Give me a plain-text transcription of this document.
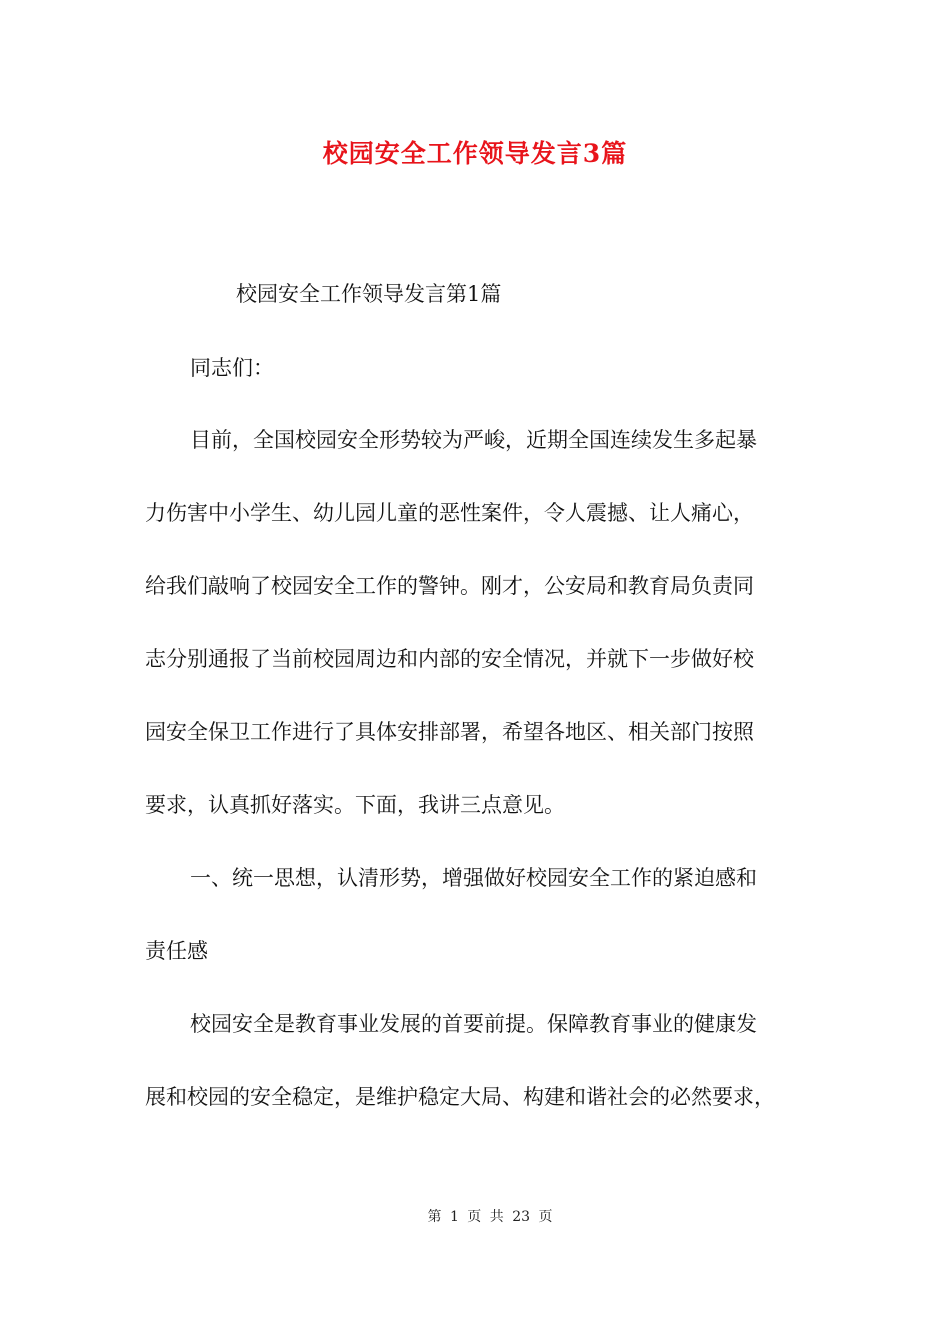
校园安全工作领导发言3篇
校园安全工作领导发言第1篇
同志们：
目前，全国校园安全形势较为严峻，近期全国连续发生多起暴
力伤害中小学生、幼儿园儿童的恶性案件，令人震撼、让人痛心，
给我们敲响了校园安全工作的警钟。刚才，公安局和教育局负责同
志分别通报了当前校园周边和内部的安全情况，并就下一步做好校
园安全保卫工作进行了具体安排部署，希望各地区、相关部门按照
要求，认真抓好落实。下面，我讲三点意见。
一、统一思想，认清形势，增强做好校园安全工作的紧迫感和
责任感
校园安全是教育事业发展的首要前提。保障教育事业的健康发
展和校园的安全稳定，是维护稳定大局、构建和谐社会的必然要求，
第 1 页 共 23 页
